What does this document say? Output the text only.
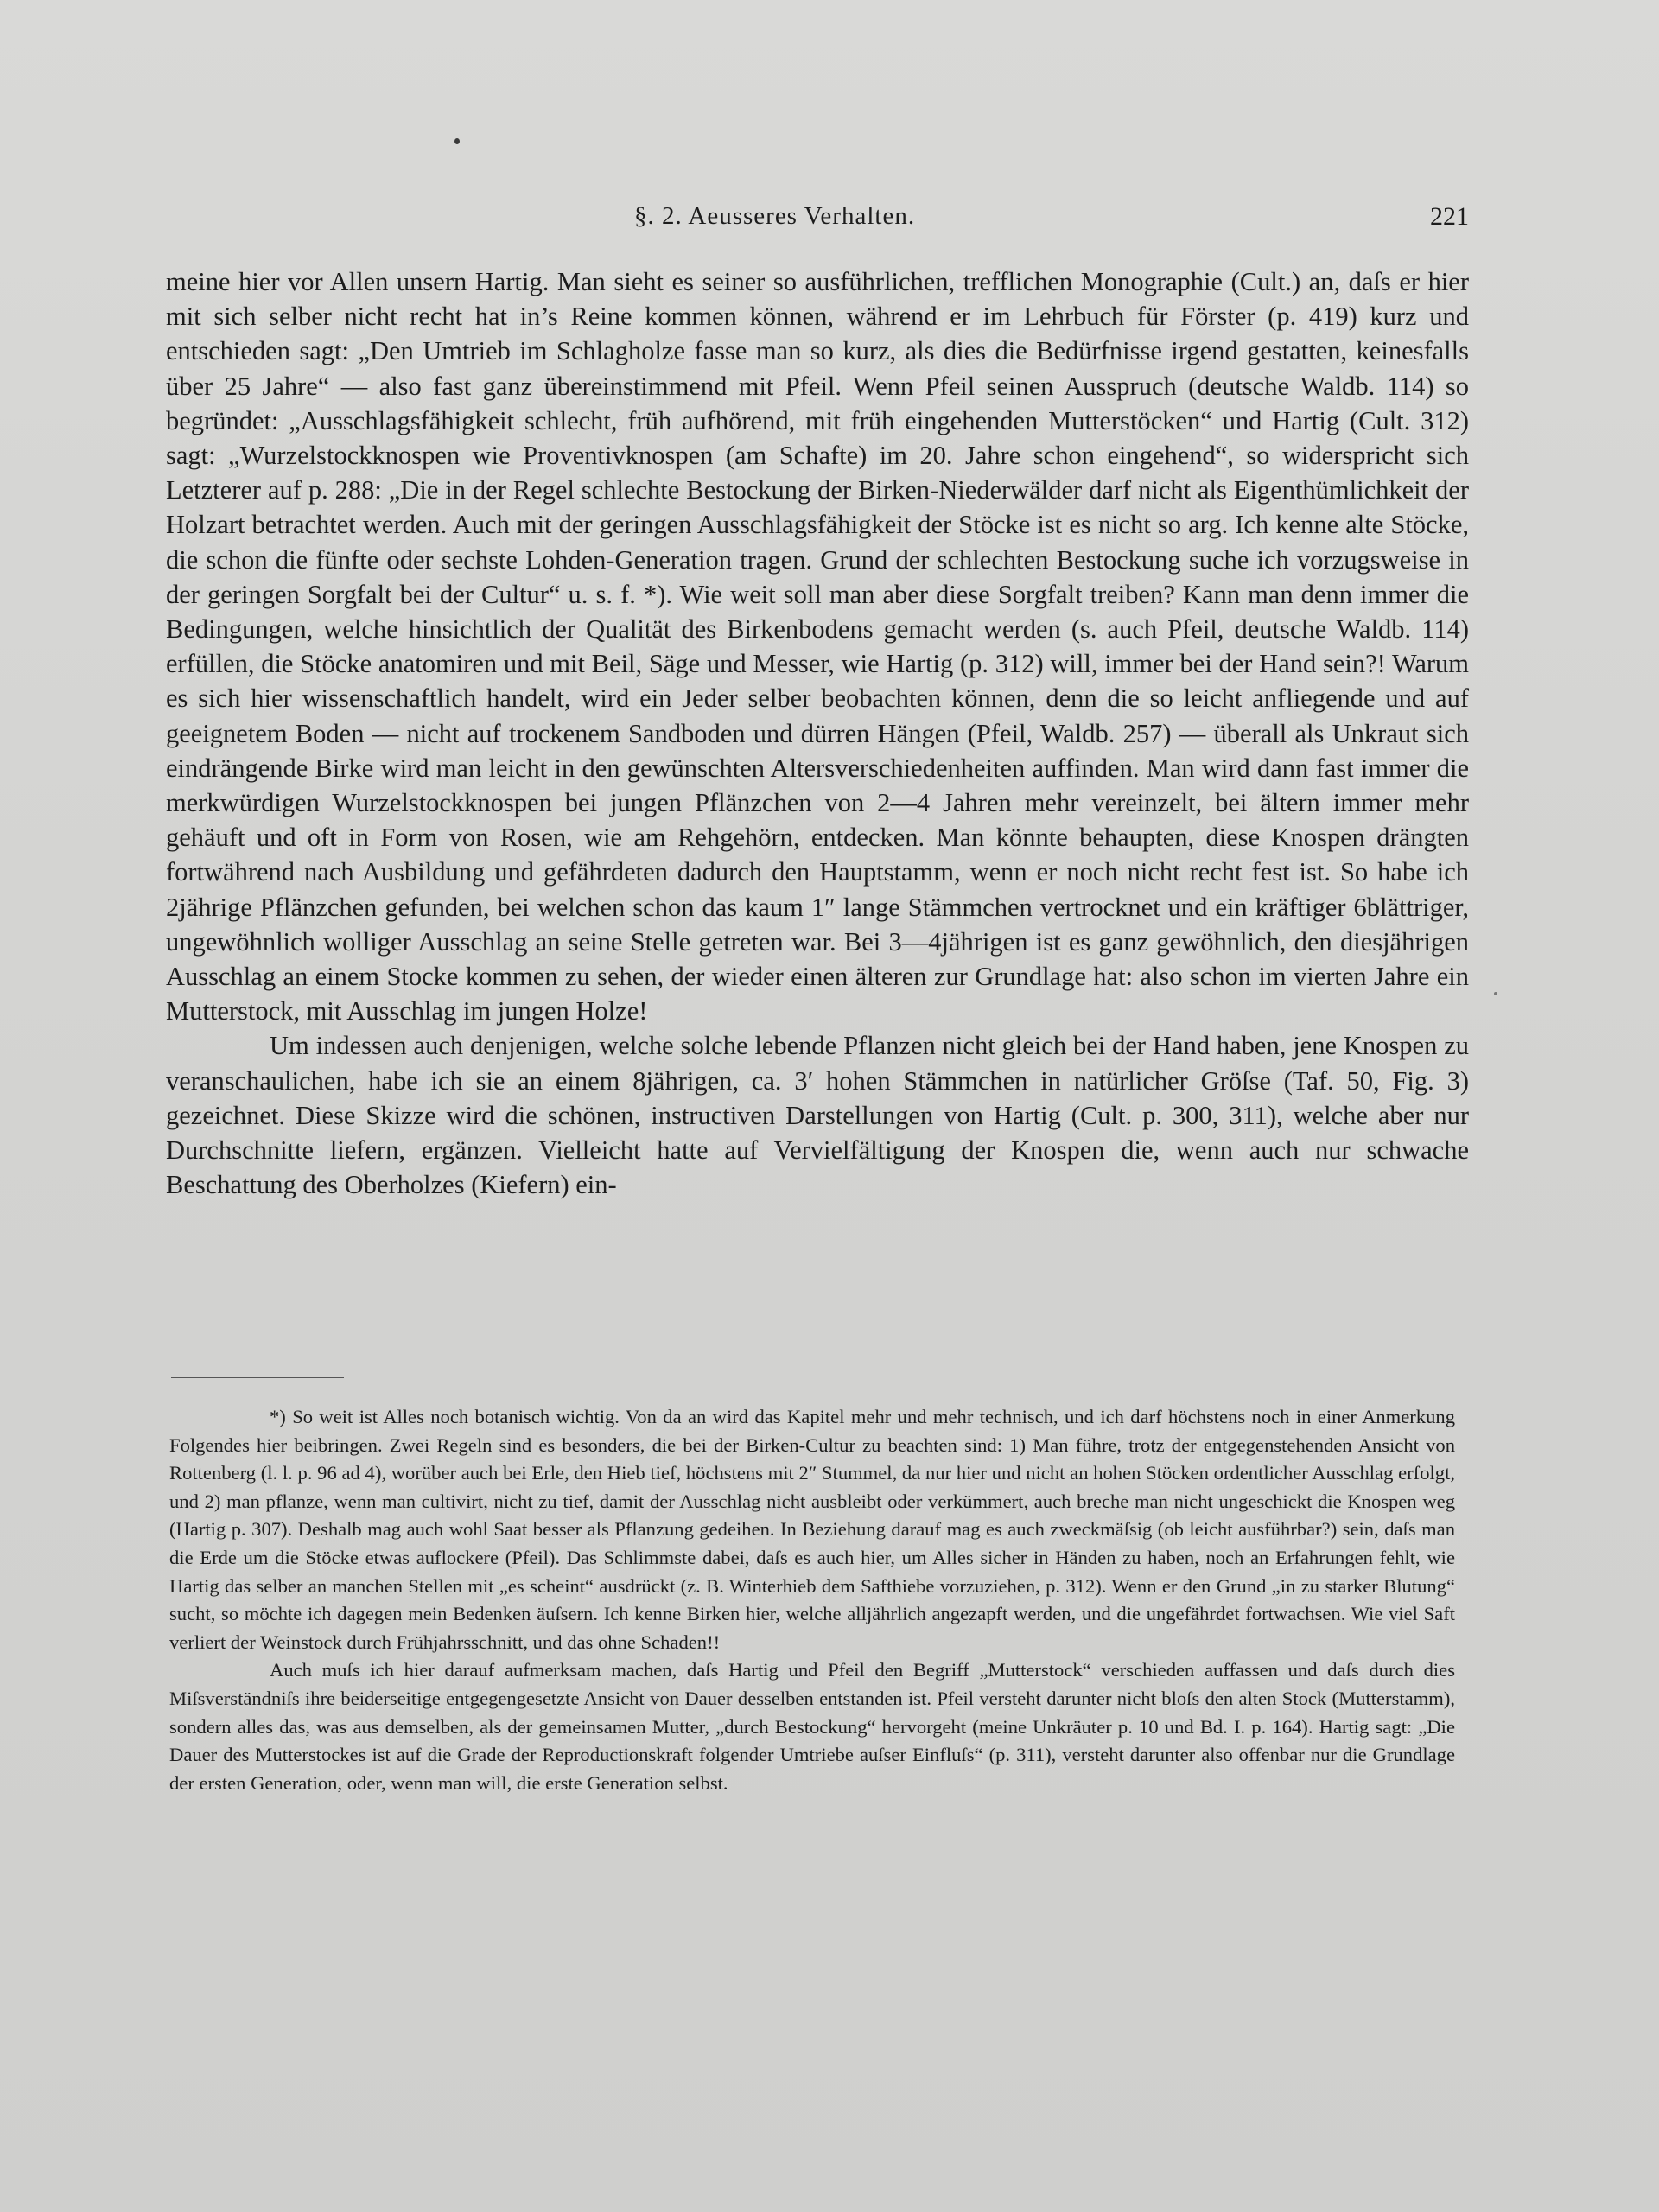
§. 2. Aeusseres Verhalten.	221

meine hier vor Allen unsern Hartig. Man sieht es seiner so ausführlichen, trefflichen Monographie (Cult.) an, daſs er hier mit sich selber nicht recht hat in’s Reine kommen können, während er im Lehrbuch für Förster (p. 419) kurz und entschieden sagt: „Den Umtrieb im Schlagholze fasse man so kurz, als dies die Bedürfnisse irgend gestatten, keinesfalls über 25 Jahre“ — also fast ganz übereinstimmend mit Pfeil. Wenn Pfeil seinen Ausspruch (deutsche Waldb. 114) so begründet: „Ausschlagsfähigkeit schlecht, früh aufhörend, mit früh eingehenden Mutterstöcken“ und Hartig (Cult. 312) sagt: „Wurzelstockknospen wie Proventivknospen (am Schafte) im 20. Jahre schon eingehend“, so widerspricht sich Letzterer auf p. 288: „Die in der Regel schlechte Bestockung der Birken-Niederwälder darf nicht als Eigenthümlichkeit der Holzart betrachtet werden. Auch mit der geringen Ausschlagsfähigkeit der Stöcke ist es nicht so arg. Ich kenne alte Stöcke, die schon die fünfte oder sechste Lohden-Generation tragen. Grund der schlechten Bestockung suche ich vorzugsweise in der geringen Sorgfalt bei der Cultur“ u. s. f. *). Wie weit soll man aber diese Sorgfalt treiben? Kann man denn immer die Bedingungen, welche hinsichtlich der Qualität des Birkenbodens gemacht werden (s. auch Pfeil, deutsche Waldb. 114) erfüllen, die Stöcke anatomiren und mit Beil, Säge und Messer, wie Hartig (p. 312) will, immer bei der Hand sein?! Warum es sich hier wissenschaftlich handelt, wird ein Jeder selber beobachten können, denn die so leicht anfliegende und auf geeignetem Boden — nicht auf trockenem Sandboden und dürren Hängen (Pfeil, Waldb. 257) — überall als Unkraut sich eindrängende Birke wird man leicht in den gewünschten Altersverschiedenheiten auffinden. Man wird dann fast immer die merkwürdigen Wurzelstockknospen bei jungen Pflänzchen von 2—4 Jahren mehr vereinzelt, bei ältern immer mehr gehäuft und oft in Form von Rosen, wie am Rehgehörn, entdecken. Man könnte behaupten, diese Knospen drängten fortwährend nach Ausbildung und gefährdeten dadurch den Hauptstamm, wenn er noch nicht recht fest ist. So habe ich 2jährige Pflänzchen gefunden, bei welchen schon das kaum 1″ lange Stämmchen vertrocknet und ein kräftiger 6blättriger, ungewöhnlich wolliger Ausschlag an seine Stelle getreten war. Bei 3—4jährigen ist es ganz gewöhnlich, den diesjährigen Ausschlag an einem Stocke kommen zu sehen, der wieder einen älteren zur Grundlage hat: also schon im vierten Jahre ein Mutterstock, mit Ausschlag im jungen Holze!

Um indessen auch denjenigen, welche solche lebende Pflanzen nicht gleich bei der Hand haben, jene Knospen zu veranschaulichen, habe ich sie an einem 8jährigen, ca. 3′ hohen Stämmchen in natürlicher Gröſse (Taf. 50, Fig. 3) gezeichnet. Diese Skizze wird die schönen, instructiven Darstellungen von Hartig (Cult. p. 300, 311), welche aber nur Durchschnitte liefern, ergänzen. Vielleicht hatte auf Vervielfältigung der Knospen die, wenn auch nur schwache Beschattung des Oberholzes (Kiefern) ein-

*) So weit ist Alles noch botanisch wichtig. Von da an wird das Kapitel mehr und mehr technisch, und ich darf höchstens noch in einer Anmerkung Folgendes hier beibringen. Zwei Regeln sind es besonders, die bei der Birken-Cultur zu beachten sind: 1) Man führe, trotz der entgegenstehenden Ansicht von Rottenberg (l. l. p. 96 ad 4), worüber auch bei Erle, den Hieb tief, höchstens mit 2″ Stummel, da nur hier und nicht an hohen Stöcken ordentlicher Ausschlag erfolgt, und 2) man pflanze, wenn man cultivirt, nicht zu tief, damit der Ausschlag nicht ausbleibt oder verkümmert, auch breche man nicht ungeschickt die Knospen weg (Hartig p. 307). Deshalb mag auch wohl Saat besser als Pflanzung gedeihen. In Beziehung darauf mag es auch zweckmäſsig (ob leicht ausführbar?) sein, daſs man die Erde um die Stöcke etwas auflockere (Pfeil). Das Schlimmste dabei, daſs es auch hier, um Alles sicher in Händen zu haben, noch an Erfahrungen fehlt, wie Hartig das selber an manchen Stellen mit „es scheint“ ausdrückt (z. B. Winterhieb dem Safthiebe vorzuziehen, p. 312). Wenn er den Grund „in zu starker Blutung“ sucht, so möchte ich dagegen mein Bedenken äuſsern. Ich kenne Birken hier, welche alljährlich angezapft werden, und die ungefährdet fortwachsen. Wie viel Saft verliert der Weinstock durch Frühjahrsschnitt, und das ohne Schaden!!

Auch muſs ich hier darauf aufmerksam machen, daſs Hartig und Pfeil den Begriff „Mutterstock“ verschieden auffassen und daſs durch dies Miſsverständniſs ihre beiderseitige entgegengesetzte Ansicht von Dauer desselben entstanden ist. Pfeil versteht darunter nicht bloſs den alten Stock (Mutterstamm), sondern alles das, was aus demselben, als der gemeinsamen Mutter, „durch Bestockung“ hervorgeht (meine Unkräuter p. 10 und Bd. I. p. 164). Hartig sagt: „Die Dauer des Mutterstockes ist auf die Grade der Reproductionskraft folgender Umtriebe auſser Einfluſs“ (p. 311), versteht darunter also offenbar nur die Grundlage der ersten Generation, oder, wenn man will, die erste Generation selbst.
